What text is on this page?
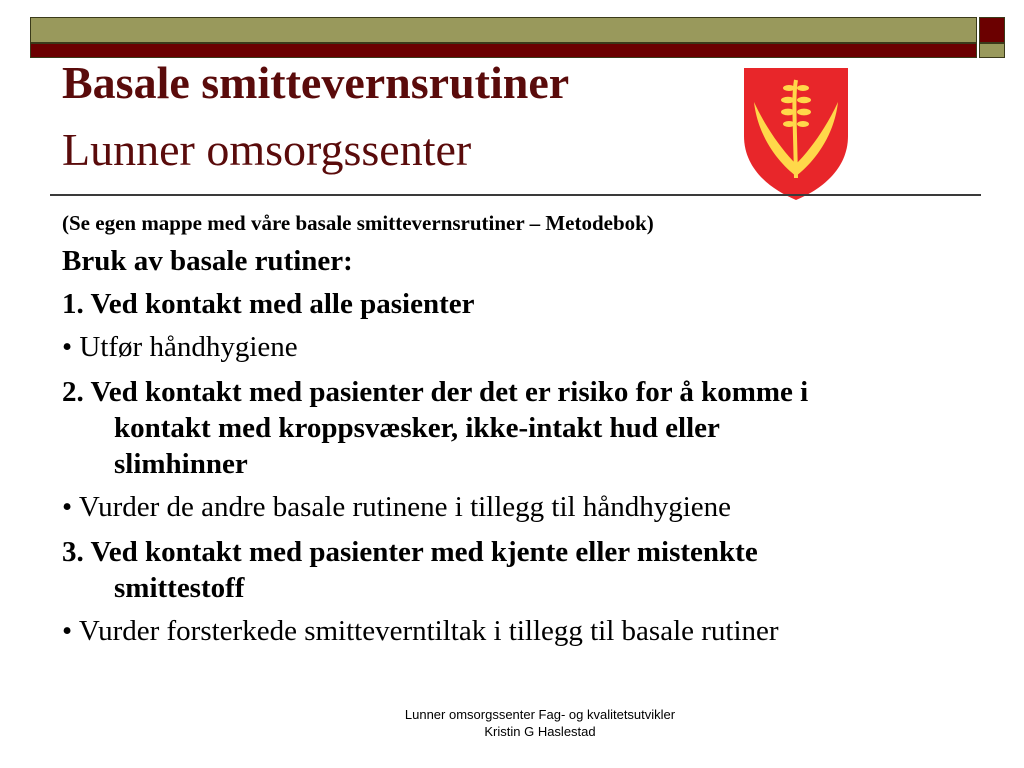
Basale smittevernsrutiner
Lunner omsorgssenter

(Se egen mappe med våre basale smittevernsrutiner – Metodebok)

Bruk av basale rutiner:

1. Ved kontakt med alle pasienter

• Utfør håndhygiene

2. Ved kontakt med pasienter der det er risiko for å komme i
kontakt med kroppsvæsker, ikke-intakt hud eller
slimhinner

• Vurder de andre basale rutinene i tillegg til håndhygiene

3. Ved kontakt med pasienter med kjente eller mistenkte
smittestoff

• Vurder forsterkede smitteverntiltak i tillegg til basale rutiner

Lunner omsorgssenter Fag- og kvalitetsutvikler
Kristin G Haslestad
